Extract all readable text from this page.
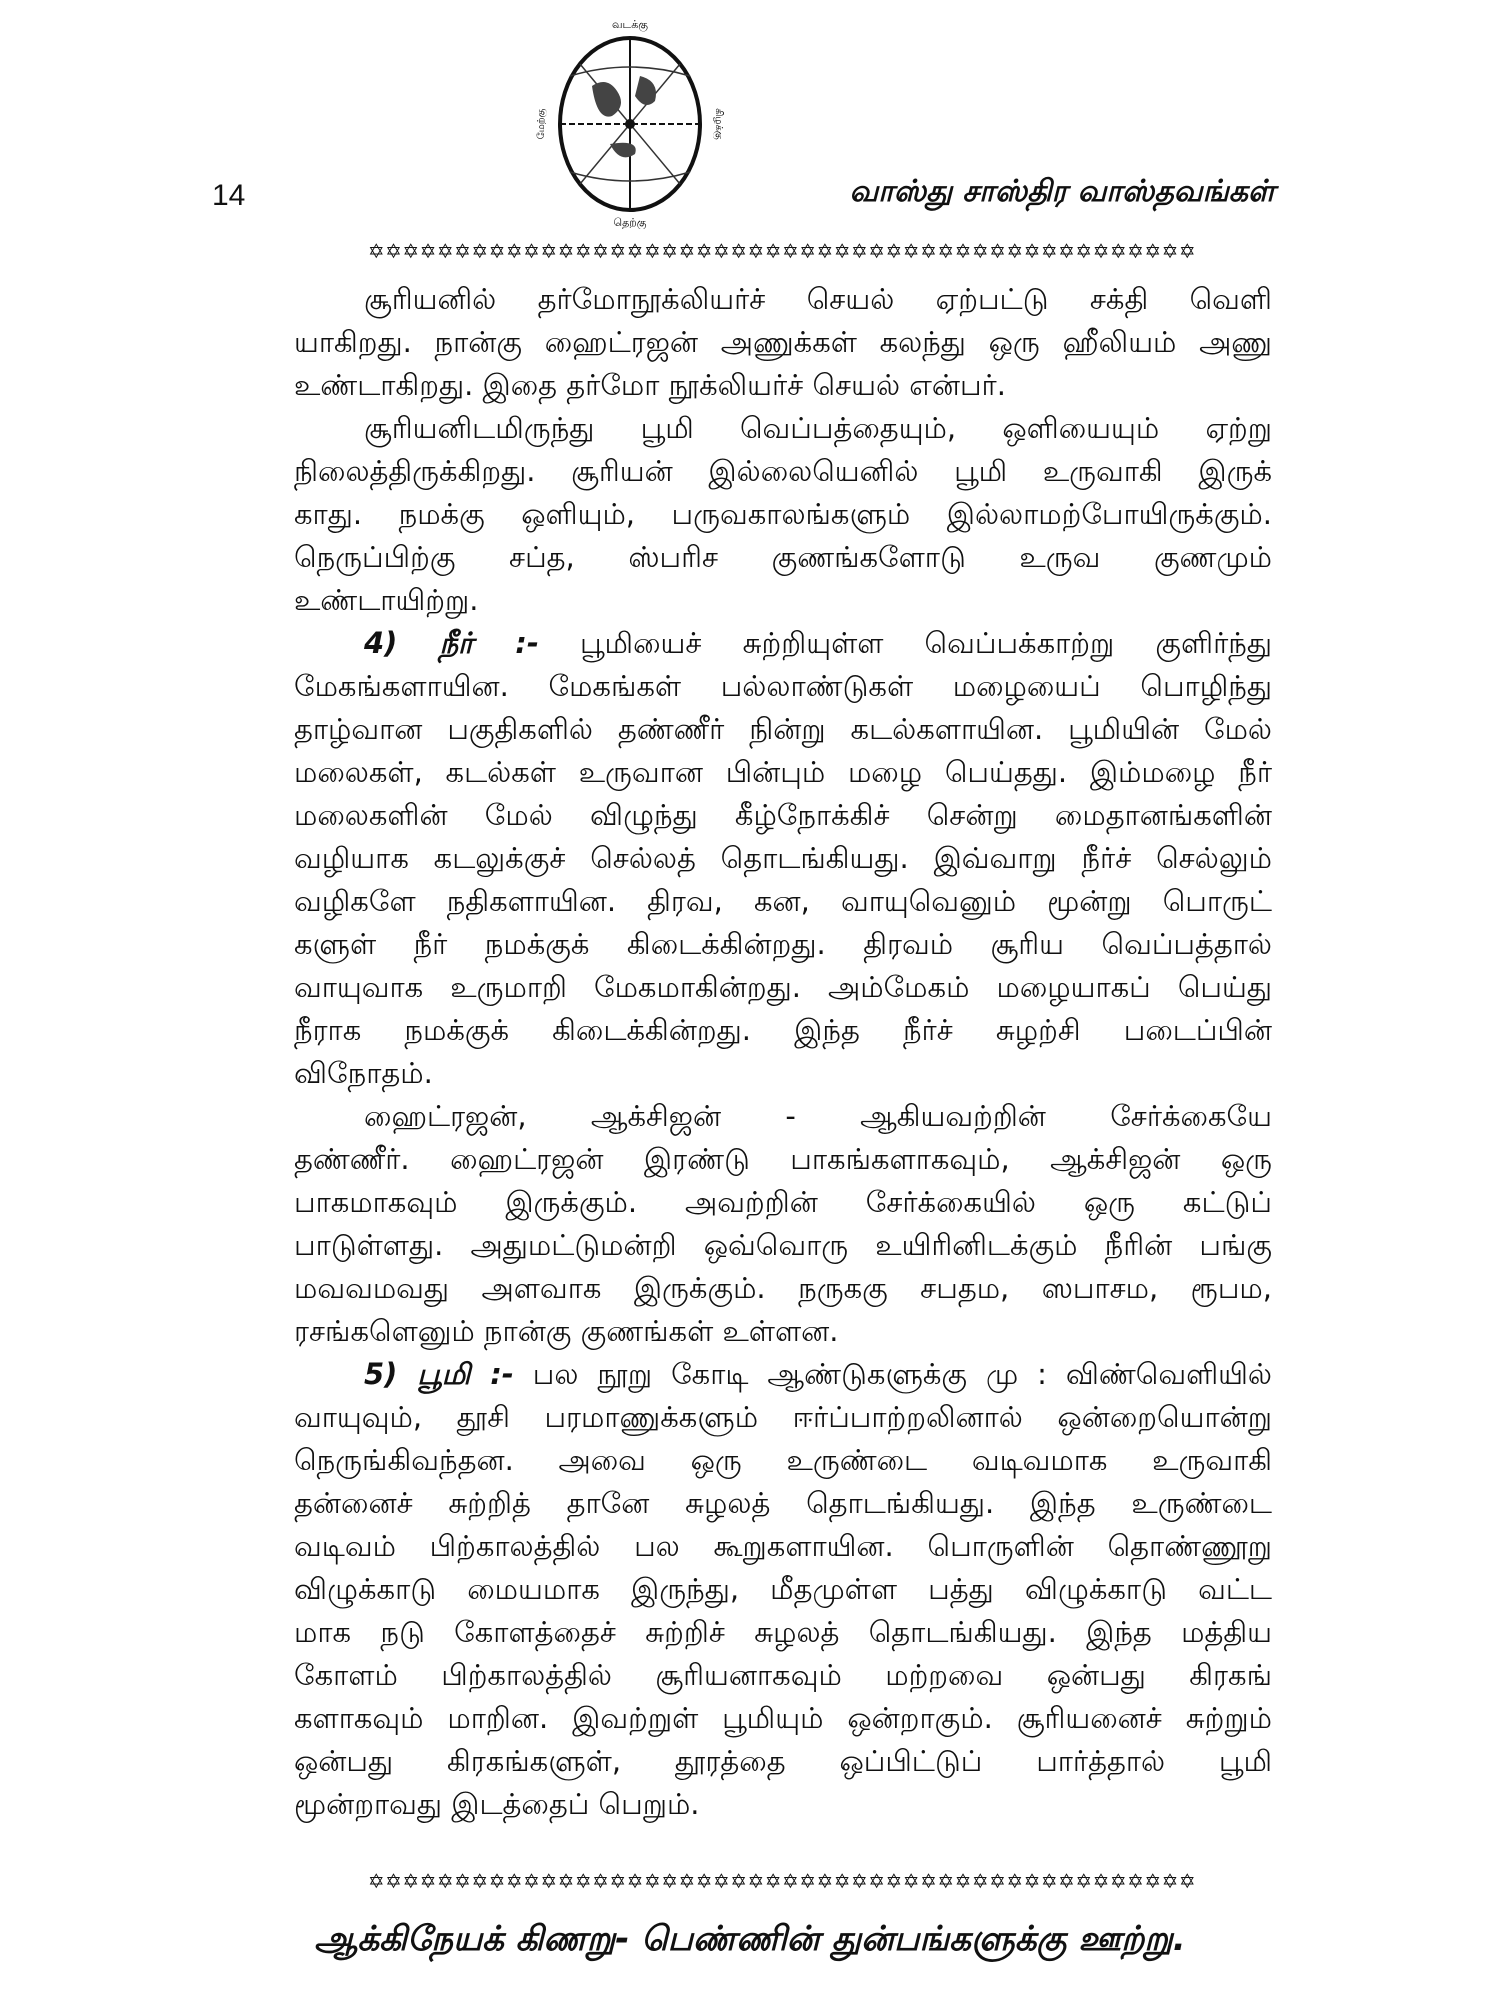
வடக்கு
தெற்கு
மேற்கு	கிழக்கு
14	வாஸ்து சாஸ்திர வாஸ்தவங்கள்
✡✡✡✡✡✡✡✡✡✡✡✡✡✡✡✡✡✡✡✡✡✡✡✡✡✡✡✡✡✡✡✡✡✡✡✡✡✡✡✡✡✡✡✡✡✡✡✡
சூரியனில் தர்மோநூக்லியர்ச் செயல் ஏற்பட்டு சக்தி வெளி
யாகிறது. நான்கு ஹைட்ரஜன் அணுக்கள் கலந்து ஒரு ஹீலியம் அணு
உண்டாகிறது. இதை தர்மோ நூக்லியர்ச் செயல் என்பர்.
சூரியனிடமிருந்து பூமி வெப்பத்தையும், ஒளியையும் ஏற்று
நிலைத்திருக்கிறது. சூரியன் இல்லையெனில் பூமி உருவாகி இருக்
காது. நமக்கு ஒளியும், பருவகாலங்களும் இல்லாமற்போயிருக்கும்.
நெருப்பிற்கு சப்த, ஸ்பரிச குணங்களோடு உருவ குணமும்
உண்டாயிற்று.
4) நீர் :- பூமியைச் சுற்றியுள்ள வெப்பக்காற்று குளிர்ந்து
மேகங்களாயின. மேகங்கள் பல்லாண்டுகள் மழையைப் பொழிந்து
தாழ்வான பகுதிகளில் தண்ணீர் நின்று கடல்களாயின. பூமியின் மேல்
மலைகள், கடல்கள் உருவான பின்பும் மழை பெய்தது. இம்மழை நீர்
மலைகளின் மேல் விழுந்து கீழ்நோக்கிச் சென்று மைதானங்களின்
வழியாக கடலுக்குச் செல்லத் தொடங்கியது. இவ்வாறு நீர்ச் செல்லும்
வழிகளே நதிகளாயின. திரவ, கன, வாயுவெனும் மூன்று பொருட்
களுள் நீர் நமக்குக் கிடைக்கின்றது. திரவம் சூரிய வெப்பத்தால்
வாயுவாக உருமாறி மேகமாகின்றது. அம்மேகம் மழையாகப் பெய்து
நீராக நமக்குக் கிடைக்கின்றது. இந்த நீர்ச் சுழற்சி படைப்பின்
விநோதம்.
ஹைட்ரஜன், ஆக்சிஜன் - ஆகியவற்றின் சேர்க்கையே
தண்ணீர். ஹைட்ரஜன் இரண்டு பாகங்களாகவும், ஆக்சிஜன் ஒரு
பாகமாகவும் இருக்கும். அவற்றின் சேர்க்கையில் ஒரு கட்டுப்
பாடுள்ளது. அதுமட்டுமன்றி ஒவ்வொரு உயிரினிடக்கும் நீரின் பங்கு
மவவமவது அளவாக இருக்கும். நருககு சபதம, ஸபாசம, ரூபம,
ரசங்களெனும் நான்கு குணங்கள் உள்ளன.
5) பூமி :- பல நூறு கோடி ஆண்டுகளுக்கு மு : விண்வெளியில்
வாயுவும், தூசி பரமாணுக்களும் ஈர்ப்பாற்றலினால் ஒன்றையொன்று
நெருங்கிவந்தன. அவை ஒரு உருண்டை வடிவமாக உருவாகி
தன்னைச் சுற்றித் தானே சுழலத் தொடங்கியது. இந்த உருண்டை
வடிவம் பிற்காலத்தில் பல கூறுகளாயின. பொருளின் தொண்ணூறு
விழுக்காடு மையமாக இருந்து, மீதமுள்ள பத்து விழுக்காடு வட்ட
மாக நடு கோளத்தைச் சுற்றிச் சுழலத் தொடங்கியது. இந்த மத்திய
கோளம் பிற்காலத்தில் சூரியனாகவும் மற்றவை ஒன்பது கிரகங்
களாகவும் மாறின. இவற்றுள் பூமியும் ஒன்றாகும். சூரியனைச் சுற்றும்
ஒன்பது கிரகங்களுள், தூரத்தை ஒப்பிட்டுப் பார்த்தால் பூமி
மூன்றாவது இடத்தைப் பெறும்.
✡✡✡✡✡✡✡✡✡✡✡✡✡✡✡✡✡✡✡✡✡✡✡✡✡✡✡✡✡✡✡✡✡✡✡✡✡✡✡✡✡✡✡✡✡✡✡✡
ஆக்கிநேயக் கிணறு- பெண்ணின் துன்பங்களுக்கு ஊற்று.
